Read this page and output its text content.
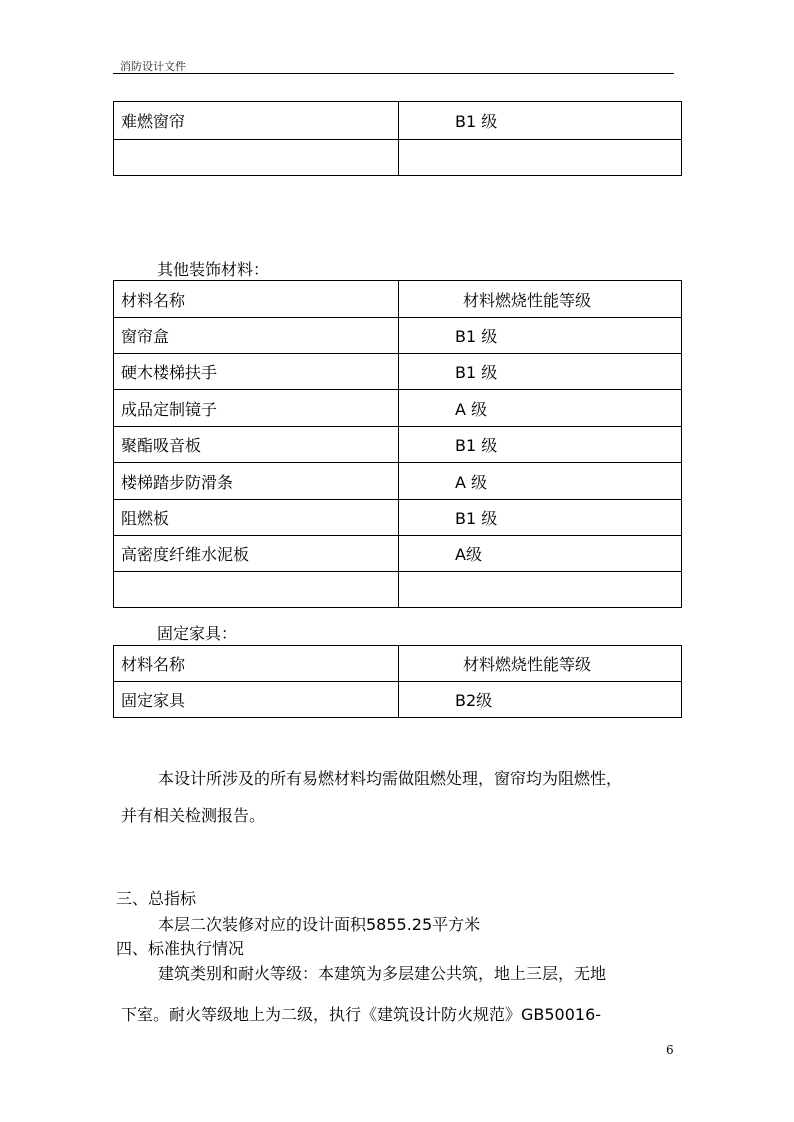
消防设计文件
难燃窗帘	B1 级

其他装饰材料：
材料名称	材料燃烧性能等级
窗帘盒	B1 级
硬木楼梯扶手	B1 级
成品定制镜子	A 级
聚酯吸音板	B1 级
楼梯踏步防滑条	A 级
阻燃板	B1 级
高密度纤维水泥板	A级

固定家具：
材料名称	材料燃烧性能等级
固定家具	B2级
本设计所涉及的所有易燃材料均需做阻燃处理，窗帘均为阻燃性，
并有相关检测报告。
三、总指标
本层二次装修对应的设计面积5855.25平方米
四、标准执行情况
建筑类别和耐火等级：本建筑为多层建公共筑，地上三层，无地
下室。耐火等级地上为二级，执行《建筑设计防火规范》GB50016-
6
